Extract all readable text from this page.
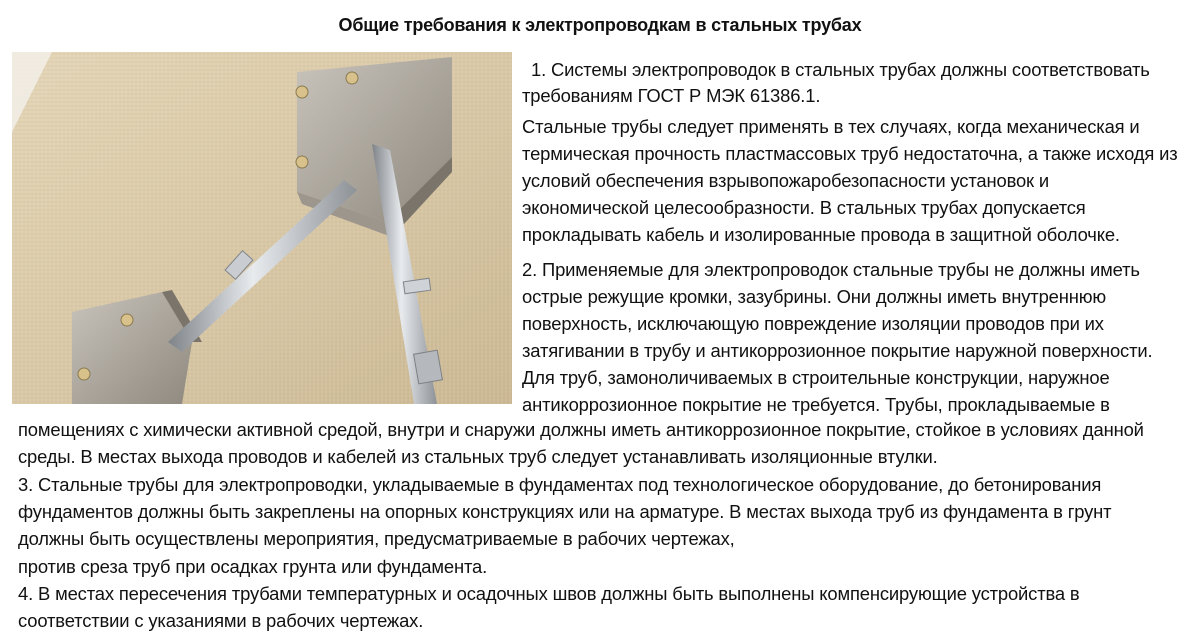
Общие требования к электропроводкам в стальных трубах
1. Системы электропроводок в стальных трубах должны соответствовать
требованиям ГОСТ Р МЭК 61386.1.
Стальные трубы следует применять в тех случаях, когда механическая и
термическая прочность пластмассовых труб недостаточна, а также исходя из
условий обеспечения взрывопожаробезопасности установок и
экономической целесообразности. В стальных трубах допускается
прокладывать кабель и изолированные провода в защитной оболочке.
2. Применяемые для электропроводок стальные трубы не должны иметь
острые режущие кромки, зазубрины. Они должны иметь внутреннюю
поверхность, исключающую повреждение изоляции проводов при их
затягивании в трубу и антикоррозионное покрытие наружной поверхности.
Для труб, замоноличиваемых в строительные конструкции, наружное
антикоррозионное покрытие не требуется. Трубы, прокладываемые в
помещениях с химически активной средой, внутри и снаружи должны иметь антикоррозионное покрытие, стойкое в условиях данной
среды. В местах выхода проводов и кабелей из стальных труб следует устанавливать изоляционные втулки.
3. Стальные трубы для электропроводки, укладываемые в фундаментах под технологическое оборудование, до бетонирования
фундаментов должны быть закреплены на опорных конструкциях или на арматуре. В местах выхода труб из фундамента в грунт
должны быть осуществлены мероприятия, предусматриваемые в рабочих чертежах,
против среза труб при осадках грунта или фундамента.
4. В местах пересечения трубами температурных и осадочных швов должны быть выполнены компенсирующие устройства в
соответствии с указаниями в рабочих чертежах.
